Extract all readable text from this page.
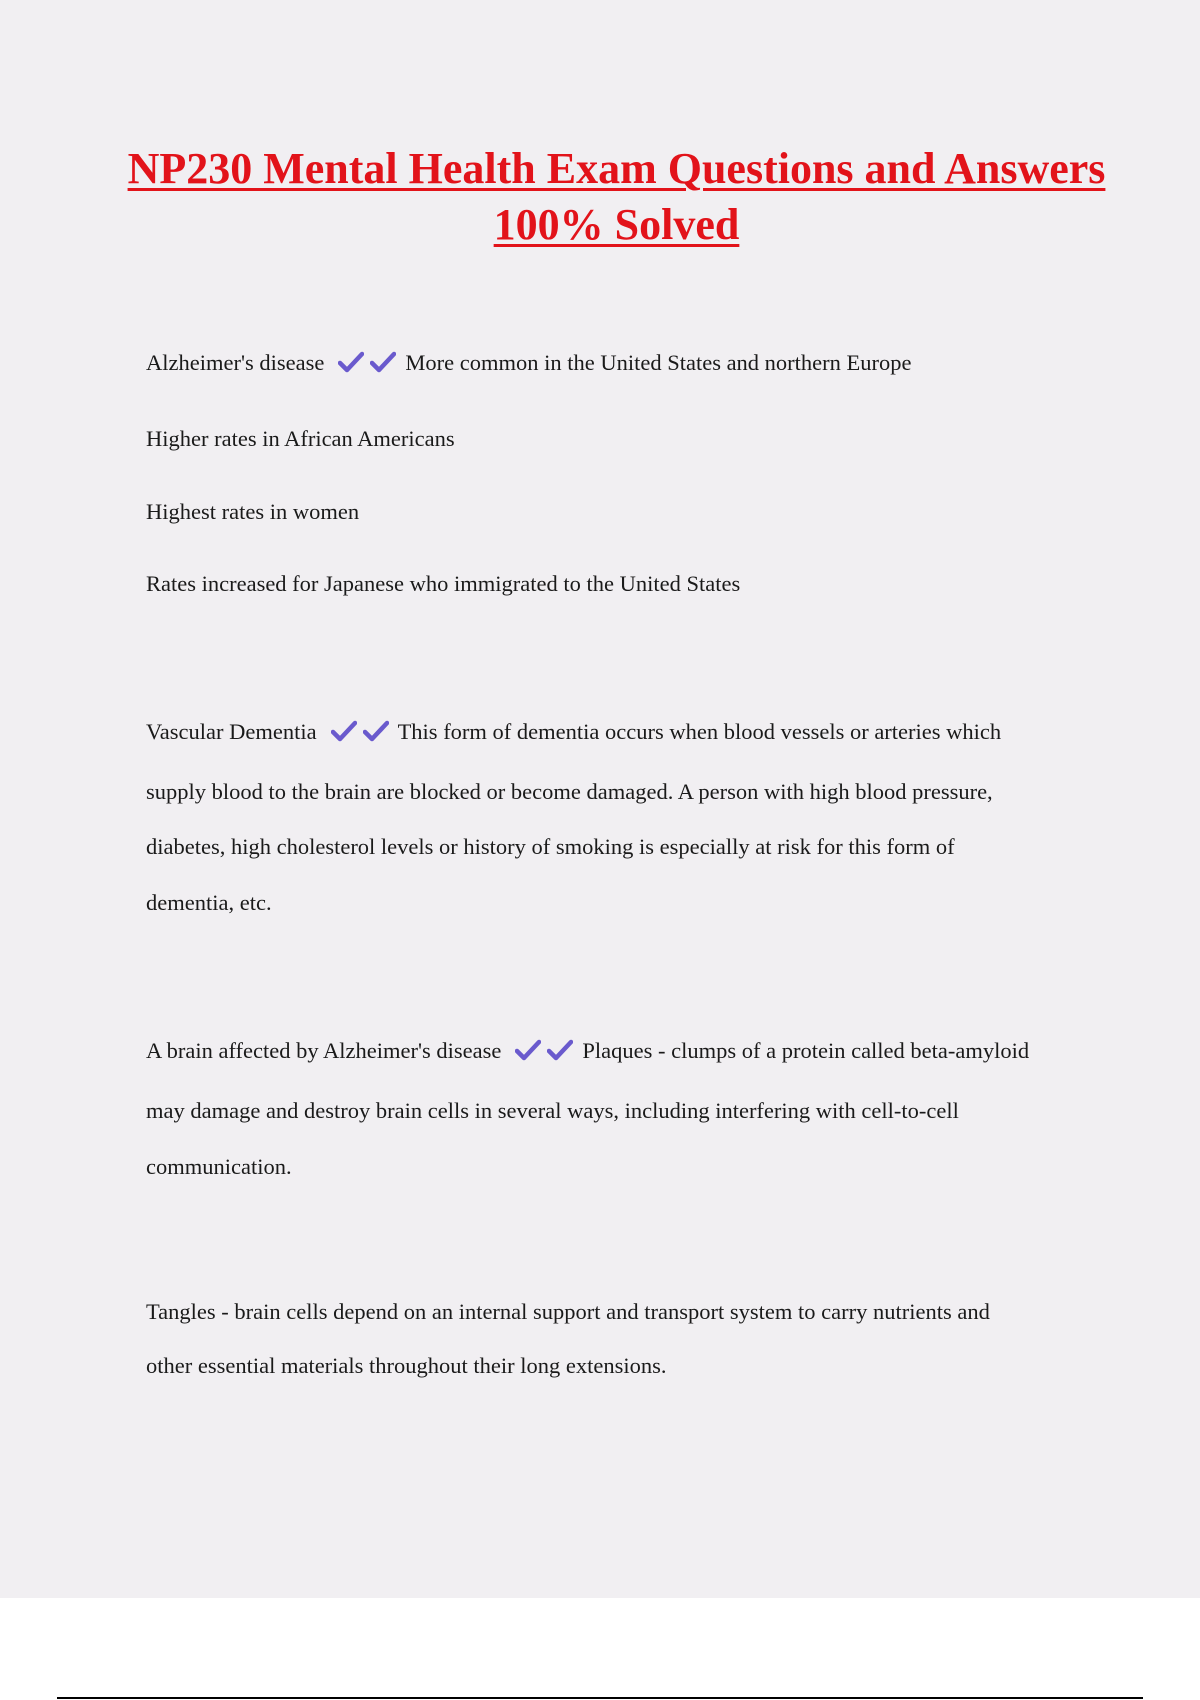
NP230 Mental Health Exam Questions and Answers 100% Solved

Alzheimer's disease	More common in the United States and northern Europe

Higher rates in African Americans

Highest rates in women

Rates increased for Japanese who immigrated to the United States

Vascular Dementia	This form of dementia occurs when blood vessels or arteries which

supply blood to the brain are blocked or become damaged. A person with high blood pressure,

diabetes, high cholesterol levels or history of smoking is especially at risk for this form of

dementia, etc.

A brain affected by Alzheimer's disease	Plaques - clumps of a protein called beta-amyloid

may damage and destroy brain cells in several ways, including interfering with cell-to-cell

communication.

Tangles - brain cells depend on an internal support and transport system to carry nutrients and

other essential materials throughout their long extensions.
